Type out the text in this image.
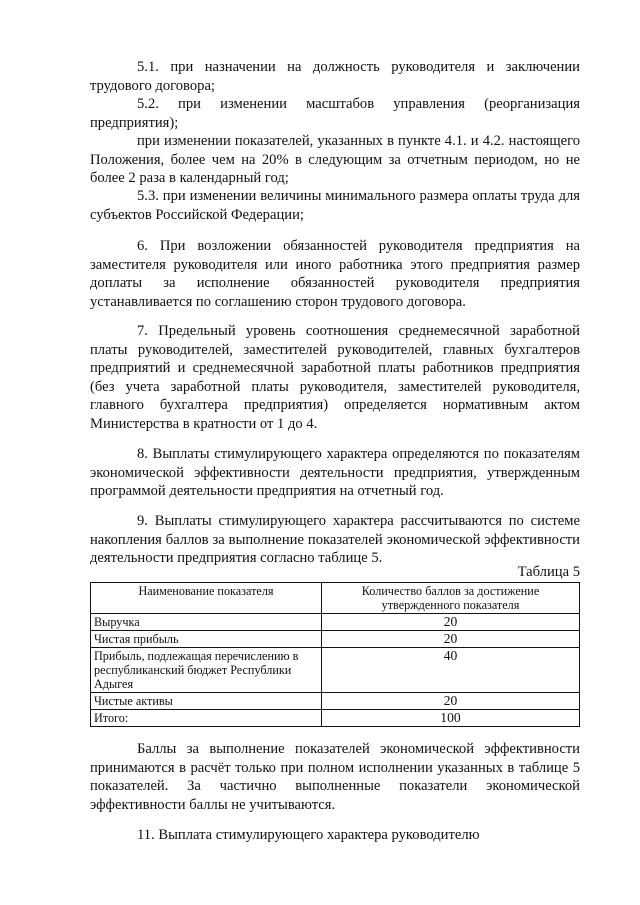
5.1. при назначении на должность руководителя и заключении трудового договора;

5.2. при изменении масштабов управления (реорганизация предприятия);

при изменении показателей, указанных в пункте 4.1. и 4.2. настоящего Положения, более чем на 20% в следующим за отчетным периодом, но не более 2 раза в календарный год;

5.3. при изменении величины минимального размера оплаты труда для субъектов Российской Федерации;

6. При возложении обязанностей руководителя предприятия на заместителя руководителя или иного работника этого предприятия размер доплаты за исполнение обязанностей руководителя предприятия устанавливается по соглашению сторон трудового договора.

7. Предельный уровень соотношения среднемесячной заработной платы руководителей, заместителей руководителей, главных бухгалтеров предприятий и среднемесячной заработной платы работников предприятия (без учета заработной платы руководителя, заместителей руководителя, главного бухгалтера предприятия) определяется нормативным актом Министерства в кратности от 1 до 4.

8. Выплаты стимулирующего характера определяются по показателям экономической эффективности деятельности предприятия, утвержденным программой деятельности предприятия на отчетный год.

9. Выплаты стимулирующего характера рассчитываются по системе накопления баллов за выполнение показателей экономической эффективности деятельности предприятия согласно таблице 5.

Таблица 5
Наименование показателя	Количество баллов за достижение утвержденного показателя
Выручка	20
Чистая прибыль	20
Прибыль, подлежащая перечислению в республиканский бюджет Республики Адыгея	40
Чистые активы	20
Итого:	100

Баллы за выполнение показателей экономической эффективности принимаются в расчёт только при полном исполнении указанных в таблице 5 показателей. За частично выполненные показатели экономической эффективности баллы не учитываются.

11. Выплата стимулирующего характера руководителю
